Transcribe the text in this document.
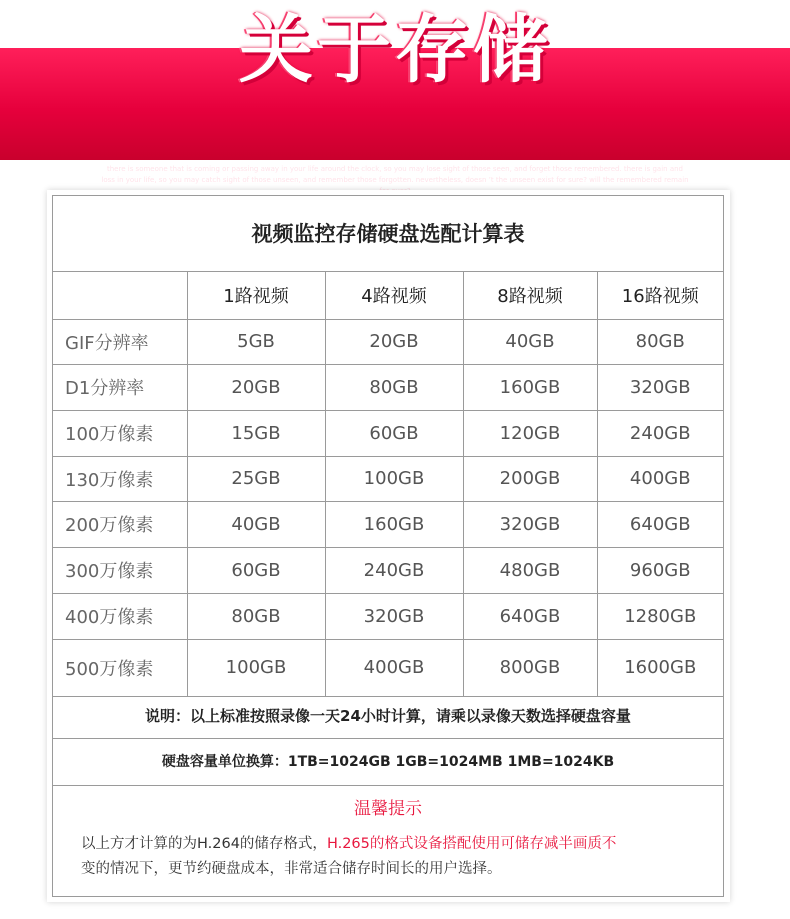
there is someone that is coming or passing away in your life around the clock, so you may lose sight of those seen, and forget those remembered. there is gain and loss in your life, so you may catch sight of those unseen, and remember those forgotten. nevertheless, doesn ’t the unseen exist for sure? will the remembered remain
关于存储
视频监控存储硬盘选配计算表
	1路视频	4路视频	8路视频	16路视频
GIF分辨率	5GB	20GB	40GB	80GB
D1分辨率	20GB	80GB	160GB	320GB
100万像素	15GB	60GB	120GB	240GB
130万像素	25GB	100GB	200GB	400GB
200万像素	40GB	160GB	320GB	640GB
300万像素	60GB	240GB	480GB	960GB
400万像素	80GB	320GB	640GB	1280GB
500万像素	100GB	400GB	800GB	1600GB
说明：以上标准按照录像一天24小时计算，请乘以录像天数选择硬盘容量
硬盘容量单位换算：1TB=1024GB 1GB=1024MB 1MB=1024KB
温馨提示
以上方才计算的为H.264的储存格式，H.265的格式设备搭配使用可储存减半画质不
变的情况下，更节约硬盘成本，非常适合储存时间长的用户选择。
